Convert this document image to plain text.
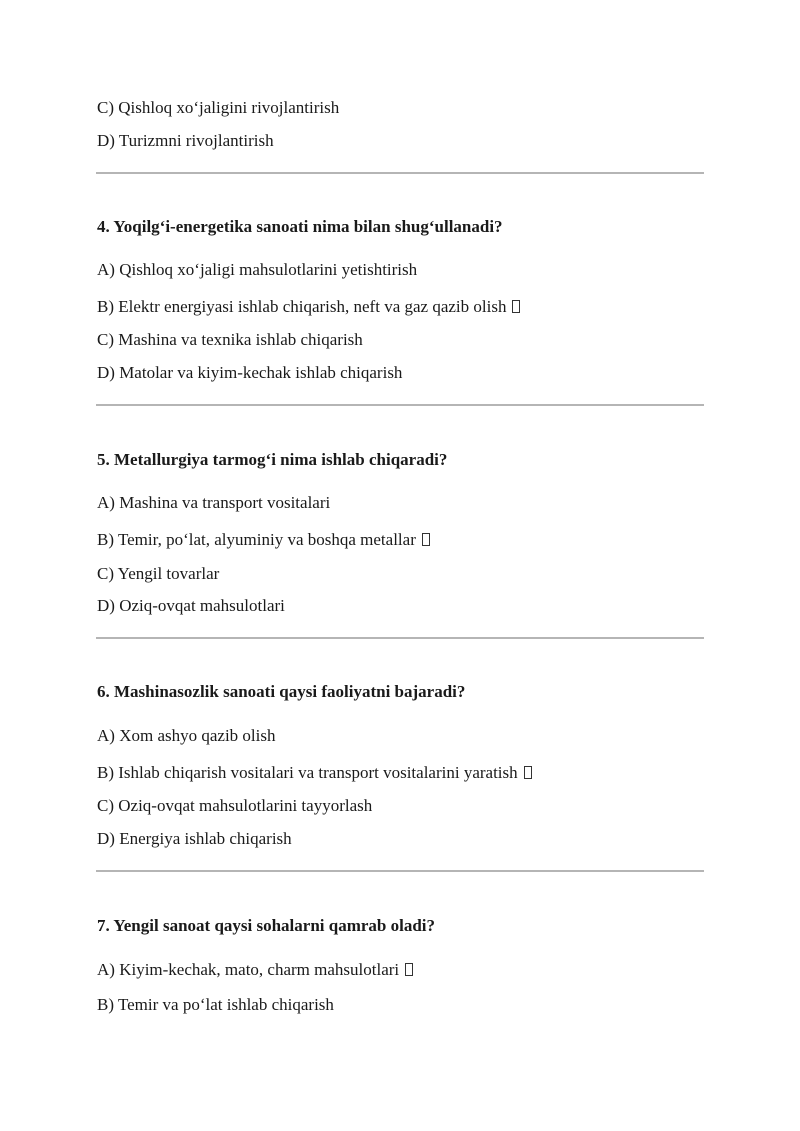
C) Qishloq xo‘jaligini rivojlantirish
D) Turizmni rivojlantirish
4. Yoqilg‘i-energetika sanoati nima bilan shug‘ullanadi?
A) Qishloq xo‘jaligi mahsulotlarini yetishtirish
B) Elektr energiyasi ishlab chiqarish, neft va gaz qazib olish
C) Mashina va texnika ishlab chiqarish
D) Matolar va kiyim-kechak ishlab chiqarish
5. Metallurgiya tarmog‘i nima ishlab chiqaradi?
A) Mashina va transport vositalari
B) Temir, po‘lat, alyuminiy va boshqa metallar
C) Yengil tovarlar
D) Oziq-ovqat mahsulotlari
6. Mashinasozlik sanoati qaysi faoliyatni bajaradi?
A) Xom ashyo qazib olish
B) Ishlab chiqarish vositalari va transport vositalarini yaratish
C) Oziq-ovqat mahsulotlarini tayyorlash
D) Energiya ishlab chiqarish
7. Yengil sanoat qaysi sohalarni qamrab oladi?
A) Kiyim-kechak, mato, charm mahsulotlari
B) Temir va po‘lat ishlab chiqarish
